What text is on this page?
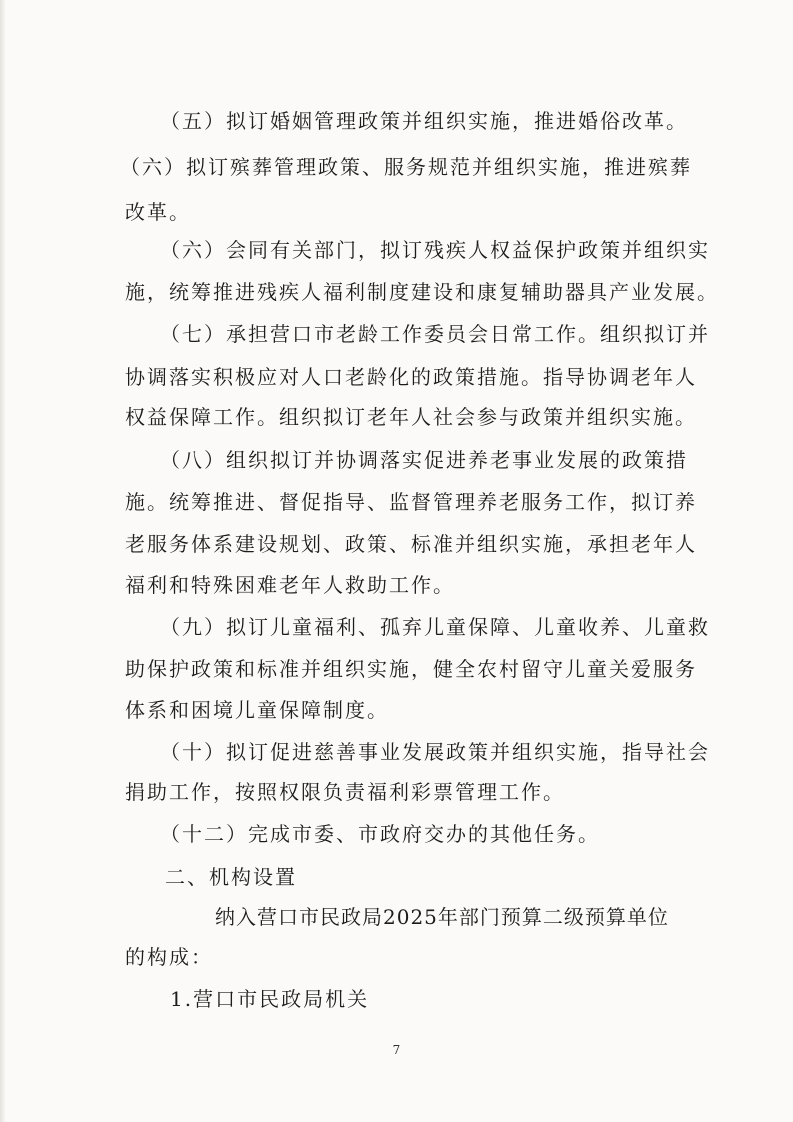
（五）拟订婚姻管理政策并组织实施，推进婚俗改革。
（六）拟订殡葬管理政策、服务规范并组织实施，推进殡葬
改革。
（六）会同有关部门，拟订残疾人权益保护政策并组织实
施，统筹推进残疾人福利制度建设和康复辅助器具产业发展。
（七）承担营口市老龄工作委员会日常工作。组织拟订并
协调落实积极应对人口老龄化的政策措施。指导协调老年人
权益保障工作。组织拟订老年人社会参与政策并组织实施。
（八）组织拟订并协调落实促进养老事业发展的政策措
施。统筹推进、督促指导、监督管理养老服务工作，拟订养
老服务体系建设规划、政策、标准并组织实施，承担老年人
福利和特殊困难老年人救助工作。
（九）拟订儿童福利、孤弃儿童保障、儿童收养、儿童救
助保护政策和标准并组织实施，健全农村留守儿童关爱服务
体系和困境儿童保障制度。
（十）拟订促进慈善事业发展政策并组织实施，指导社会
捐助工作，按照权限负责福利彩票管理工作。
（十二）完成市委、市政府交办的其他任务。
二、机构设置
纳入营口市民政局2025年部门预算二级预算单位
的构成：
1.营口市民政局机关
7
